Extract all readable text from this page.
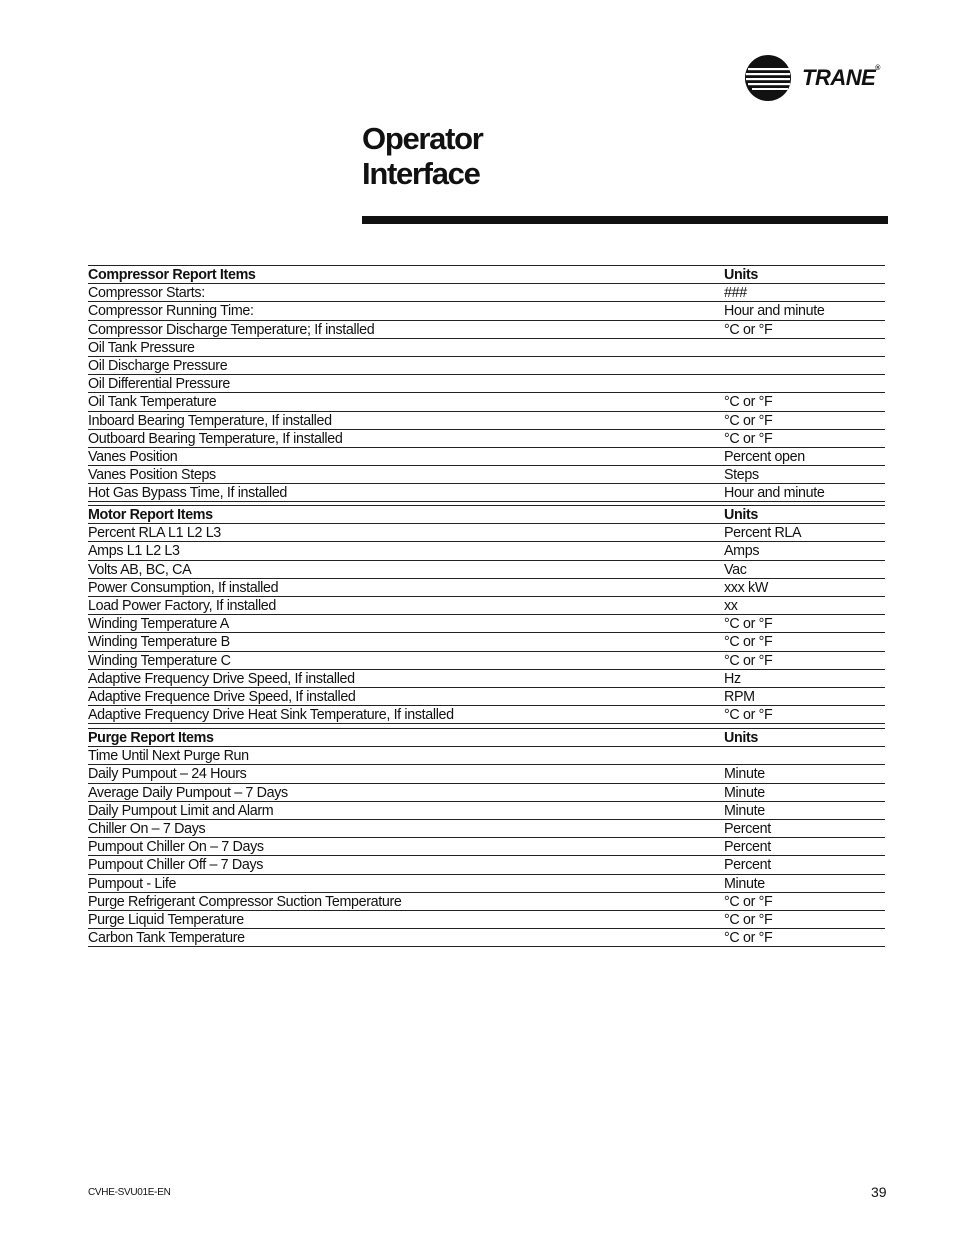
TRANE®
Operator
Interface
Compressor Report Items	Units
Compressor Starts:	###
Compressor Running Time:	Hour and minute
Compressor Discharge Temperature; If installed	°C or °F
Oil Tank Pressure
Oil Discharge Pressure
Oil Differential Pressure
Oil Tank Temperature	°C or °F
Inboard Bearing Temperature, If installed	°C or °F
Outboard Bearing Temperature, If installed	°C or °F
Vanes Position	Percent open
Vanes Position Steps	Steps
Hot Gas Bypass Time, If installed	Hour and minute
Motor Report Items	Units
Percent RLA L1 L2 L3	Percent RLA
Amps L1 L2 L3	Amps
Volts AB, BC, CA	Vac
Power Consumption, If installed	xxx kW
Load Power Factory, If installed	xx
Winding Temperature A	°C or °F
Winding Temperature B	°C or °F
Winding Temperature C	°C or °F
Adaptive Frequency Drive Speed, If installed	Hz
Adaptive Frequence Drive Speed, If installed	RPM
Adaptive Frequency Drive Heat Sink Temperature, If installed	°C or °F
Purge Report Items	Units
Time Until Next Purge Run
Daily Pumpout – 24 Hours	Minute
Average Daily Pumpout – 7 Days	Minute
Daily Pumpout Limit and Alarm	Minute
Chiller On – 7 Days	Percent
Pumpout Chiller On – 7 Days	Percent
Pumpout Chiller Off – 7 Days	Percent
Pumpout - Life	Minute
Purge Refrigerant Compressor Suction Temperature	°C or °F
Purge Liquid Temperature	°C or °F
Carbon Tank Temperature	°C or °F
CVHE-SVU01E-EN	39
